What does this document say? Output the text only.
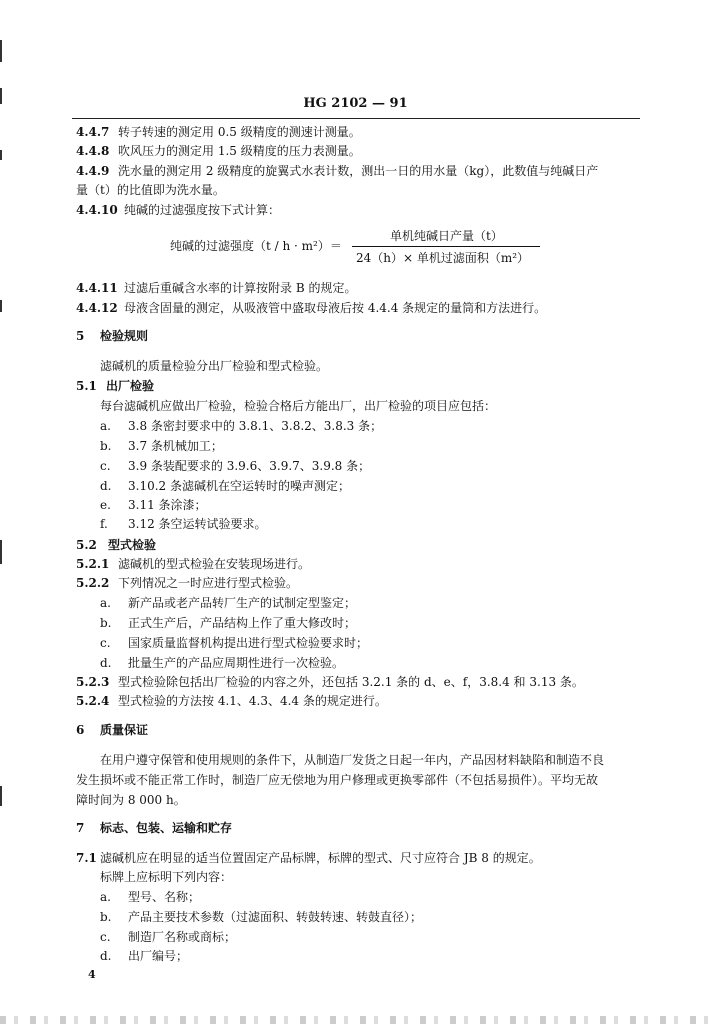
HG 2102 — 91
4.4.7 转子转速的测定用 0.5 级精度的测速计测量。
4.4.8 吹风压力的测定用 1.5 级精度的压力表测量。
4.4.9 洗水量的测定用 2 级精度的旋翼式水表计数，测出一日的用水量（kg），此数值与纯碱日产
量（t）的比值即为洗水量。
4.4.10 纯碱的过滤强度按下式计算：
纯碱的过滤强度（t / h · m²）＝
单机纯碱日产量（t）
24（h）× 单机过滤面积（m²）
4.4.11 过滤后重碱含水率的计算按附录 B 的规定。
4.4.12 母液含固量的测定，从吸液管中盛取母液后按 4.4.4 条规定的量筒和方法进行。
5 检验规则
滤碱机的质量检验分出厂检验和型式检验。
5.1 出厂检验
每台滤碱机应做出厂检验，检验合格后方能出厂，出厂检验的项目应包括：
a. 3.8 条密封要求中的 3.8.1、3.8.2、3.8.3 条；
b. 3.7 条机械加工；
c. 3.9 条装配要求的 3.9.6、3.9.7、3.9.8 条；
d. 3.10.2 条滤碱机在空运转时的噪声测定；
e. 3.11 条涂漆；
f. 3.12 条空运转试验要求。
5.2 型式检验
5.2.1 滤碱机的型式检验在安装现场进行。
5.2.2 下列情况之一时应进行型式检验。
a. 新产品或老产品转厂生产的试制定型鉴定；
b. 正式生产后，产品结构上作了重大修改时；
c. 国家质量监督机构提出进行型式检验要求时；
d. 批量生产的产品应周期性进行一次检验。
5.2.3 型式检验除包括出厂检验的内容之外，还包括 3.2.1 条的 d、e、f，3.8.4 和 3.13 条。
5.2.4 型式检验的方法按 4.1、4.3、4.4 条的规定进行。
6 质量保证
在用户遵守保管和使用规则的条件下，从制造厂发货之日起一年内，产品因材料缺陷和制造不良
发生损坏或不能正常工作时，制造厂应无偿地为用户修理或更换零部件（不包括易损件）。平均无故
障时间为 8 000 h。
7 标志、包装、运输和贮存
7.1 滤碱机应在明显的适当位置固定产品标牌，标牌的型式、尺寸应符合 JB 8 的规定。
标牌上应标明下列内容：
a. 型号、名称；
b. 产品主要技术参数（过滤面积、转鼓转速、转鼓直径）；
c. 制造厂名称或商标；
d. 出厂编号；
4
